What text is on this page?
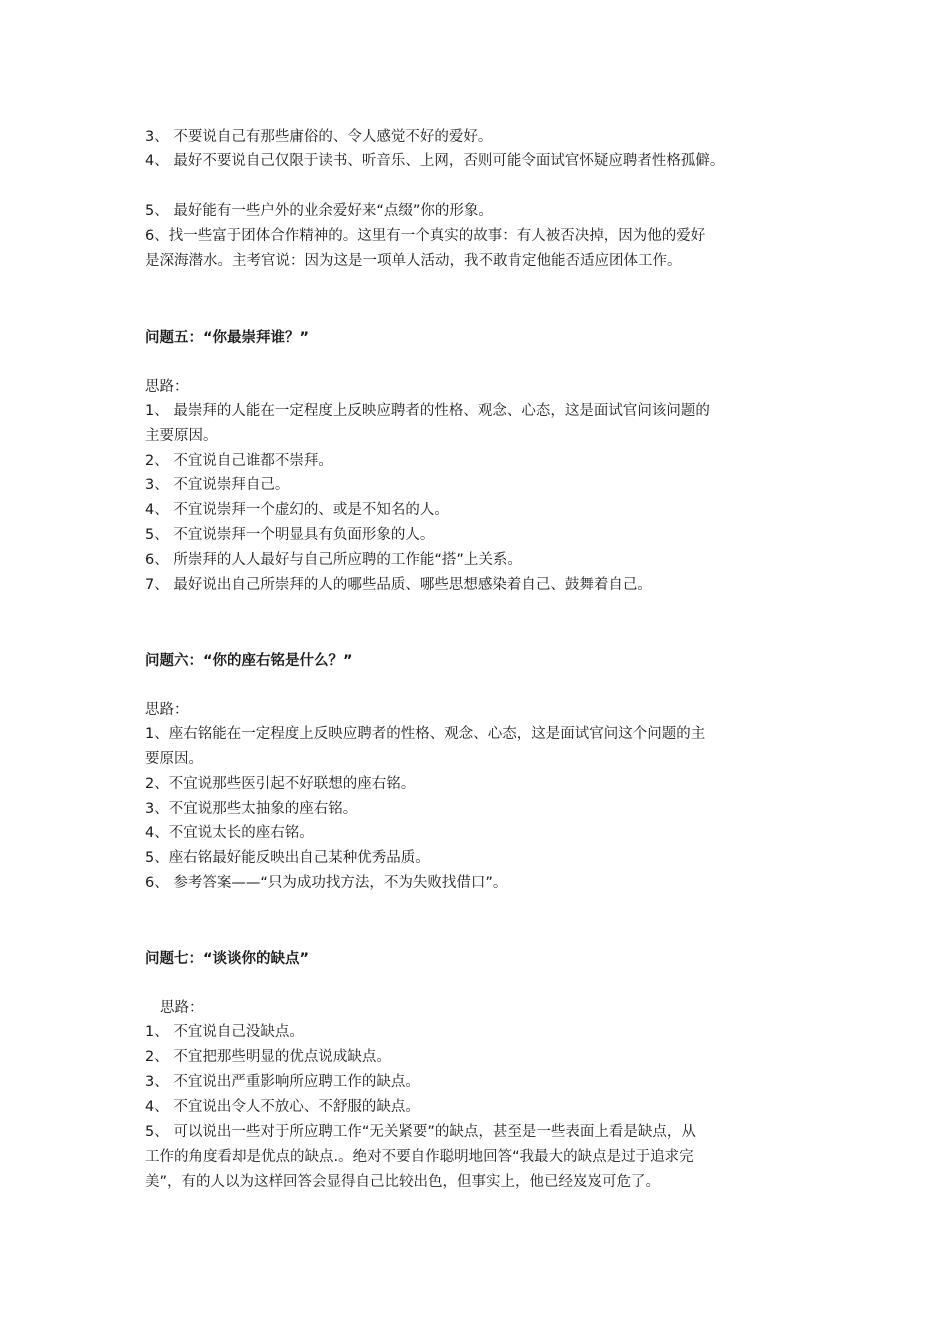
3、 不要说自己有那些庸俗的、令人感觉不好的爱好。
4、 最好不要说自己仅限于读书、听音乐、上网，否则可能令面试官怀疑应聘者性格孤僻。
5、 最好能有一些户外的业余爱好来“点缀”你的形象。
6、找一些富于团体合作精神的。这里有一个真实的故事：有人被否决掉，因为他的爱好
是深海潜水。主考官说：因为这是一项单人活动，我不敢肯定他能否适应团体工作。
问题五：“你最崇拜谁？”
思路：
1、 最崇拜的人能在一定程度上反映应聘者的性格、观念、心态，这是面试官问该问题的
主要原因。
2、 不宜说自己谁都不崇拜。
3、 不宜说崇拜自己。
4、 不宜说崇拜一个虚幻的、或是不知名的人。
5、 不宜说崇拜一个明显具有负面形象的人。
6、 所崇拜的人人最好与自己所应聘的工作能“搭”上关系。
7、 最好说出自己所崇拜的人的哪些品质、哪些思想感染着自己、鼓舞着自己。
问题六：“你的座右铭是什么？”
思路：
1、座右铭能在一定程度上反映应聘者的性格、观念、心态，这是面试官问这个问题的主
要原因。
2、不宜说那些医引起不好联想的座右铭。
3、不宜说那些太抽象的座右铭。
4、不宜说太长的座右铭。
5、座右铭最好能反映出自己某种优秀品质。
6、 参考答案——“只为成功找方法，不为失败找借口”。
问题七：“谈谈你的缺点”
思路：
1、 不宜说自己没缺点。
2、 不宜把那些明显的优点说成缺点。
3、 不宜说出严重影响所应聘工作的缺点。
4、 不宜说出令人不放心、不舒服的缺点。
5、 可以说出一些对于所应聘工作“无关紧要”的缺点，甚至是一些表面上看是缺点，从
工作的角度看却是优点的缺点.。绝对不要自作聪明地回答“我最大的缺点是过于追求完
美”，有的人以为这样回答会显得自己比较出色，但事实上，他已经岌岌可危了。
